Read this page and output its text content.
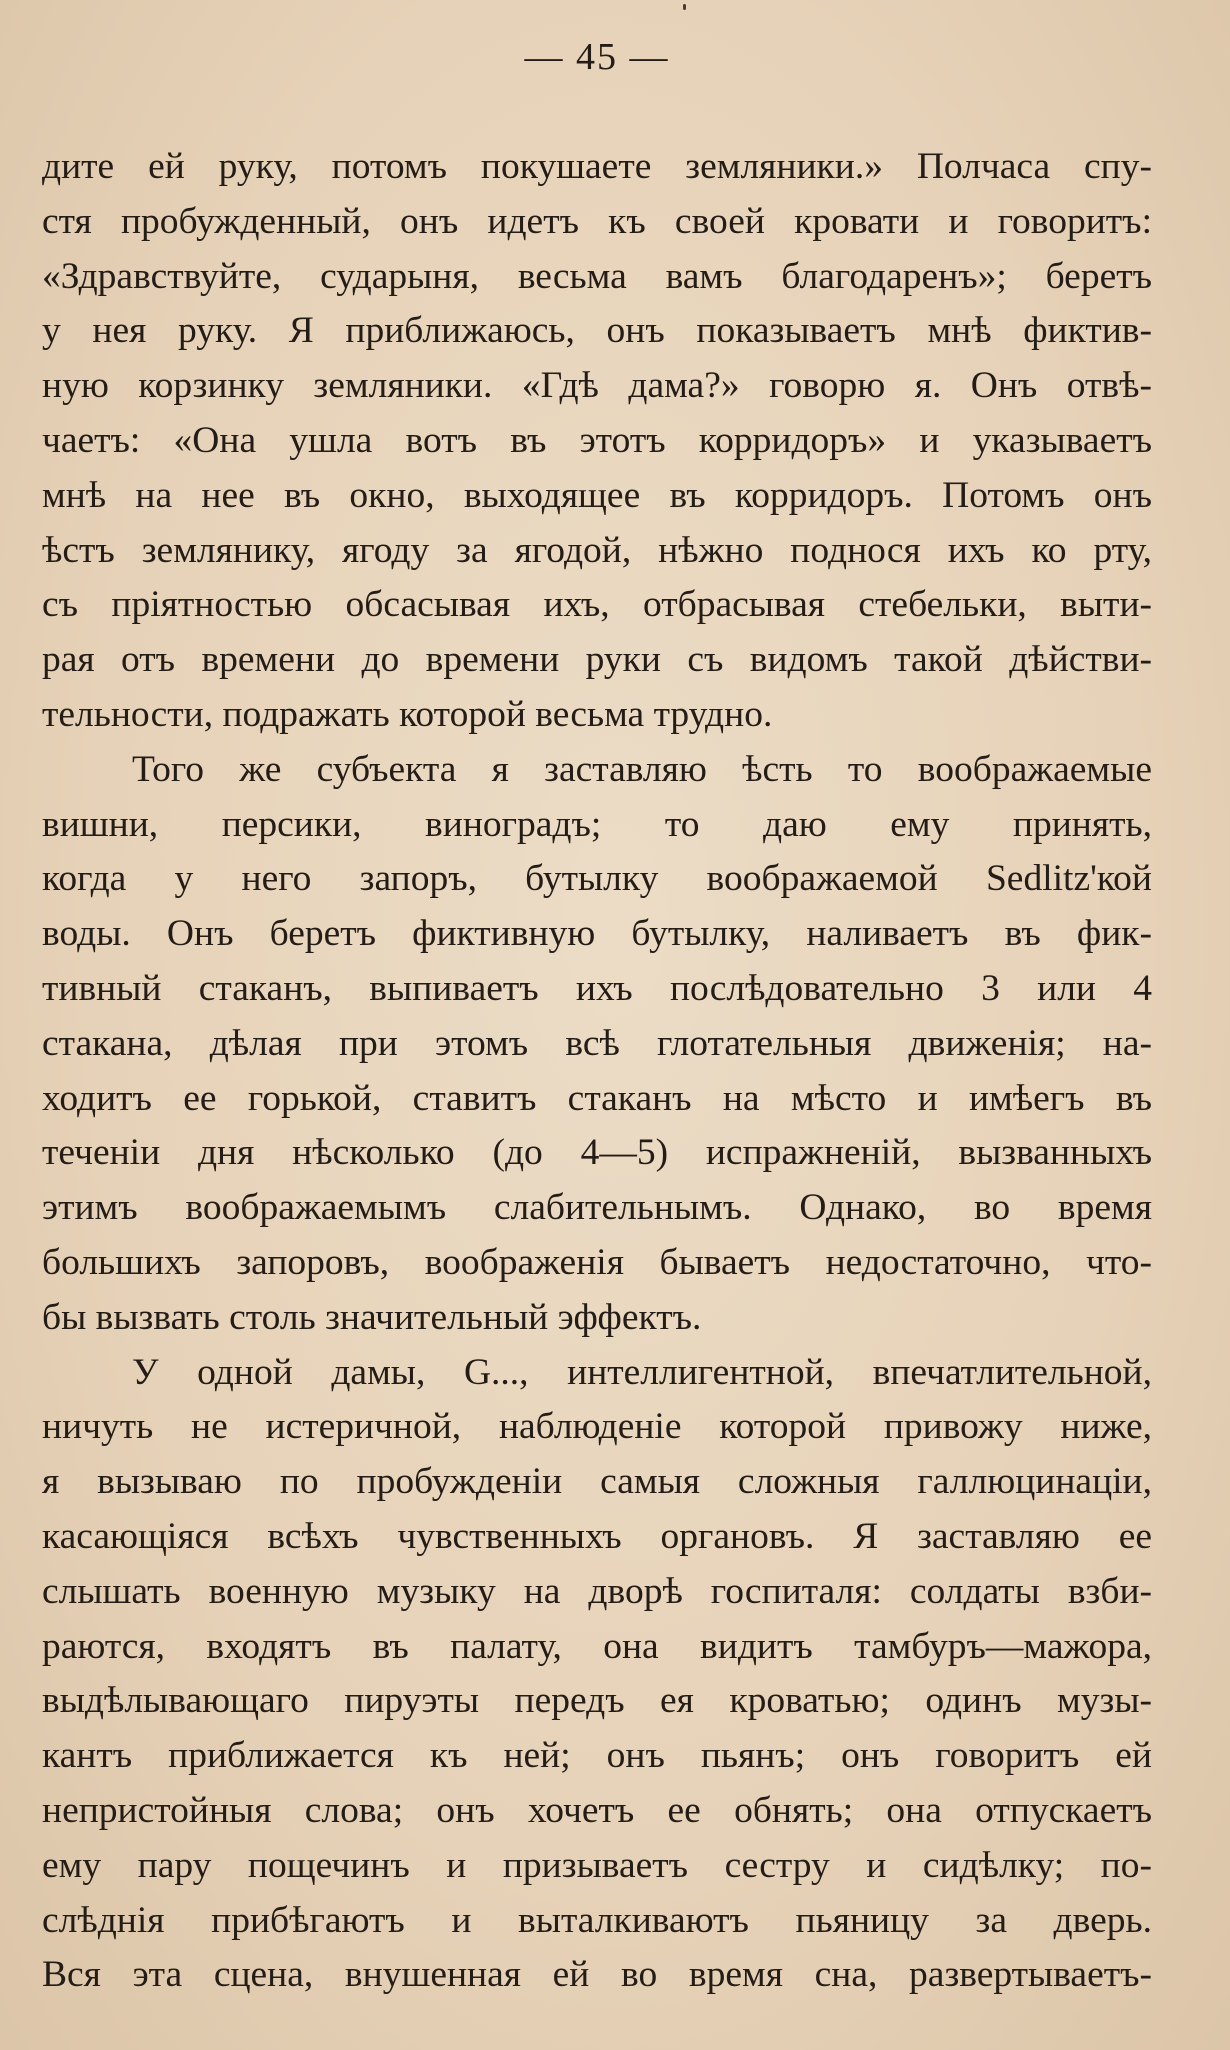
— 45 —

дите ей руку, потомъ покушаете земляники.» Полчаса спу-

стя пробужденный, онъ идетъ къ своей кровати и говоритъ:

«Здравствуйте, сударыня, весьма вамъ благодаренъ»; беретъ

у нея руку. Я приближаюсь, онъ показываетъ мнѣ фиктив-

ную корзинку земляники. «Гдѣ дама?» говорю я. Онъ отвѣ-

чаетъ: «Она ушла вотъ въ этотъ корридоръ» и указываетъ

мнѣ на нее въ окно, выходящее въ корридоръ. Потомъ онъ

ѣстъ землянику, ягоду за ягодой, нѣжно поднося ихъ ко рту,

съ пріятностью обсасывая ихъ, отбрасывая стебельки, выти-

рая отъ времени до времени руки съ видомъ такой дѣйстви-

тельности, подражать которой весьма трудно.

Того же субъекта я заставляю ѣсть то воображаемые

вишни, персики, виноградъ; то даю ему принять,

когда у него запоръ, бутылку воображаемой Sedlitz'кой

воды. Онъ беретъ фиктивную бутылку, наливаетъ въ фик-

тивный стаканъ, выпиваетъ ихъ послѣдовательно 3 или 4

стакана, дѣлая при этомъ всѣ глотательныя движенія; на-

ходитъ ее горькой, ставитъ стаканъ на мѣсто и имѣегъ въ

теченіи дня нѣсколько (до 4—5) испражненій, вызванныхъ

этимъ воображаемымъ слабительнымъ. Однако, во время

большихъ запоровъ, воображенія бываетъ недостаточно, что-

бы вызвать столь значительный эффектъ.

У одной дамы, G..., интеллигентной, впечатлительной,

ничуть не истеричной, наблюденіе которой привожу ниже,

я вызываю по пробужденіи самыя сложныя галлюцинаціи,

касающіяся всѣхъ чувственныхъ органовъ. Я заставляю ее

слышать военную музыку на дворѣ госпиталя: солдаты взби-

раются, входятъ въ палату, она видитъ тамбуръ—мажора,

выдѣлывающаго пируэты передъ ея кроватью; одинъ музы-

кантъ приближается къ ней; онъ пьянъ; онъ говоритъ ей

непристойныя слова; онъ хочетъ ее обнять; она отпускаетъ

ему пару пощечинъ и призываетъ сестру и сидѣлку; по-

слѣднія прибѣгаютъ и выталкиваютъ пьяницу за дверь.

Вся эта сцена, внушенная ей во время сна, развертываетъ-
